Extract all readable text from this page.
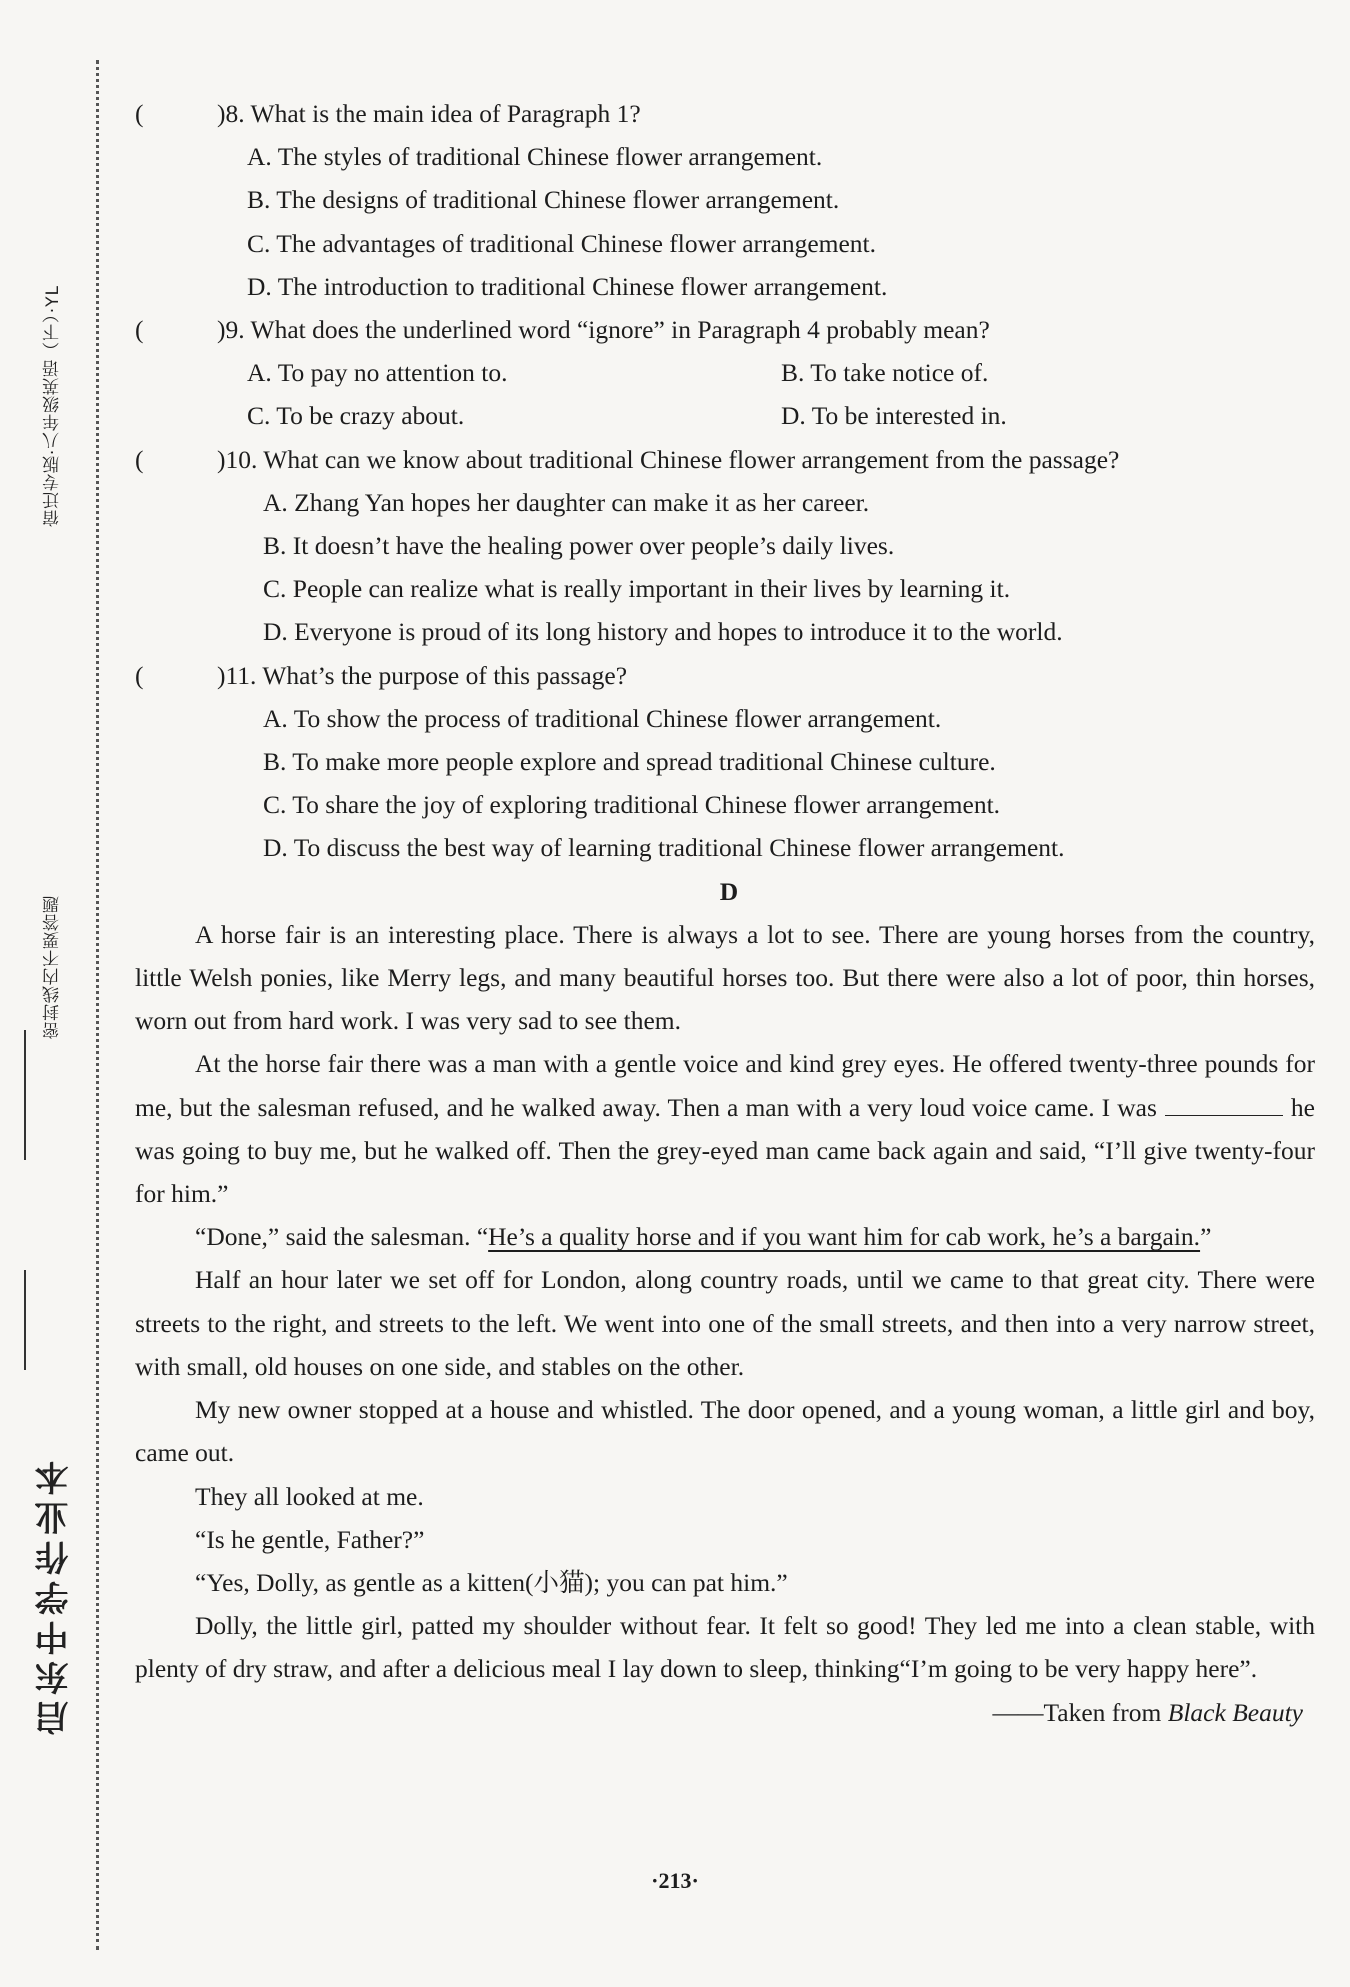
宿迁专版·八年级英语（下）·YL
密封线内不要答题
启东中学作业本
(	)8. What is the main idea of Paragraph 1?
A. The styles of traditional Chinese flower arrangement.
B. The designs of traditional Chinese flower arrangement.
C. The advantages of traditional Chinese flower arrangement.
D. The introduction to traditional Chinese flower arrangement.
(	)9. What does the underlined word “ignore” in Paragraph 4 probably mean?
A. To pay no attention to.	B. To take notice of.
C. To be crazy about.	D. To be interested in.
(	)10. What can we know about traditional Chinese flower arrangement from the passage?
A. Zhang Yan hopes her daughter can make it as her career.
B. It doesn’t have the healing power over people’s daily lives.
C. People can realize what is really important in their lives by learning it.
D. Everyone is proud of its long history and hopes to introduce it to the world.
(	)11. What’s the purpose of this passage?
A. To show the process of traditional Chinese flower arrangement.
B. To make more people explore and spread traditional Chinese culture.
C. To share the joy of exploring traditional Chinese flower arrangement.
D. To discuss the best way of learning traditional Chinese flower arrangement.
D
A horse fair is an interesting place. There is always a lot to see. There are young horses from the country, little Welsh ponies, like Merry legs, and many beautiful horses too. But there were also a lot of poor, thin horses, worn out from hard work. I was very sad to see them.
At the horse fair there was a man with a gentle voice and kind grey eyes. He offered twenty-three pounds for me, but the salesman refused, and he walked away. Then a man with a very loud voice came. I was	he was going to buy me, but he walked off. Then the grey-eyed man came back again and said, “I’ll give twenty-four for him.”
“Done,” said the salesman. “He’s a quality horse and if you want him for cab work, he’s a bargain.”
Half an hour later we set off for London, along country roads, until we came to that great city. There were streets to the right, and streets to the left. We went into one of the small streets, and then into a very narrow street, with small, old houses on one side, and stables on the other.
My new owner stopped at a house and whistled. The door opened, and a young woman, a little girl and boy, came out.
They all looked at me.
“Is he gentle, Father?”
“Yes, Dolly, as gentle as a kitten(小猫); you can pat him.”
Dolly, the little girl, patted my shoulder without fear. It felt so good! They led me into a clean stable, with plenty of dry straw, and after a delicious meal I lay down to sleep, thinking“I’m going to be very happy here”.
——Taken from Black Beauty
·213·
